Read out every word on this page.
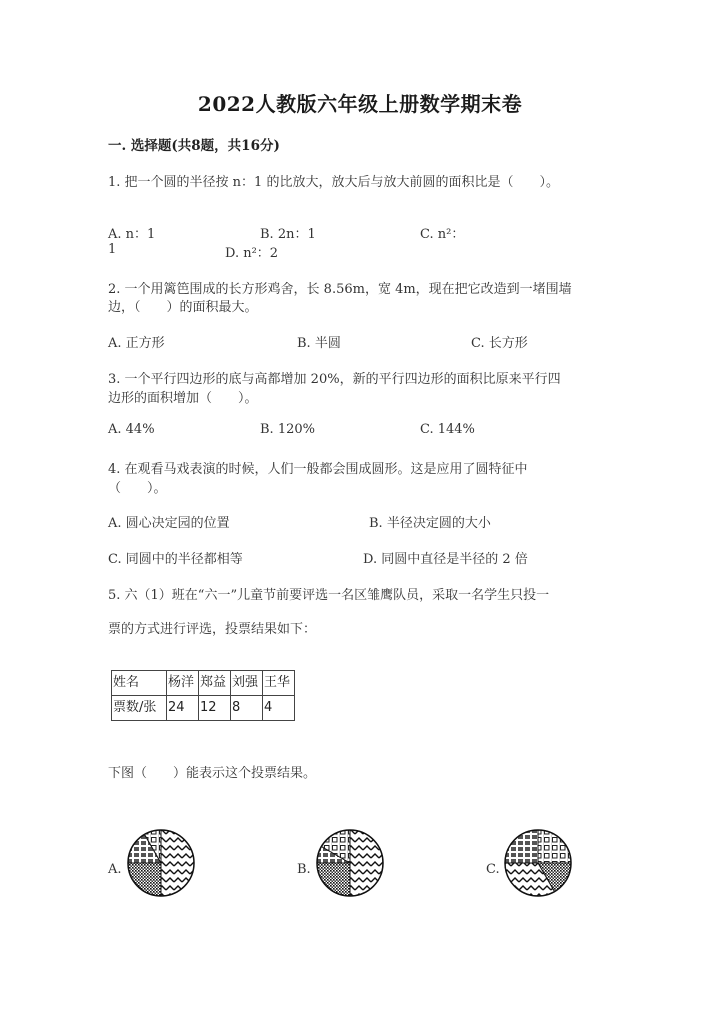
2022人教版六年级上册数学期末卷
一. 选择题(共8题，共16分)
1. 把一个圆的半径按 n：1 的比放大，放大后与放大前圆的面积比是（　　）。
A. n：1	B. 2n：1	C. n²：
1	D. n²：2
2. 一个用篱笆围成的长方形鸡舍，长 8.56m，宽 4m，现在把它改造到一堵围墙
边，（　　）的面积最大。
A. 正方形	B. 半圆	C. 长方形
3. 一个平行四边形的底与高都增加 20%，新的平行四边形的面积比原来平行四
边形的面积增加（　　）。
A. 44%	B. 120%	C. 144%
4. 在观看马戏表演的时候，人们一般都会围成圆形。这是应用了圆特征中
（　　）。
A. 圆心决定园的位置	B. 半径决定圆的大小
C. 同圆中的半径都相等	D. 同圆中直径是半径的 2 倍
5. 六（1）班在“六一”儿童节前要评选一名区雏鹰队员，采取一名学生只投一
票的方式进行评选，投票结果如下：
姓名	杨洋	郑益	刘强	王华
票数/张	24	12	8	4
下图（　　）能表示这个投票结果。
A.	B.	C.
